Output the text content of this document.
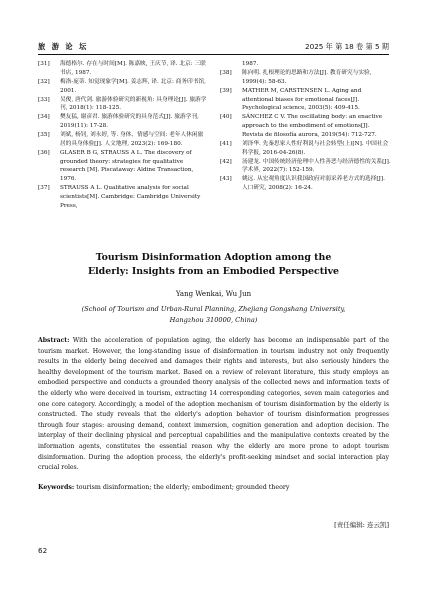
旅 游 论 坛	2025 年 第 18 卷 第 5 期
[31] 海德格尔. 存在与时间[M]. 陈嘉映, 王庆节, 译. 北京: 三联书店, 1987.
[32] 梅洛-庞蒂. 知觉现象学[M]. 姜志辉, 译. 北京: 商务印书馆, 2001.
[33] 吴俊, 唐代剑. 旅游体验研究的新视角: 具身理论[J]. 旅游学刊, 2018(1): 118-125.
[34] 樊友猛, 谢彦君. 旅游体验研究的具身范式[J]. 旅游学刊, 2019(11): 17-28.
[35] 刘斌, 杨钊, 刘永婷, 等. 身体、情感与空间: 老年人休闲旅居的具身体验[J]. 人文地理, 2023(2): 169-180.
[36] GLASER B G, STRAUSS A L. The discovery of grounded theory: strategies for qualitative research [M]. Piscataway: Aldine Transaction, 1976.
[37] STRAUSS A L. Qualitative analysis for social scientists[M]. Cambridge: Cambridge University Press,
1987.
[38] 陈向明. 扎根理论的思路和方法[J]. 教育研究与实验, 1999(4): 58-63.
[39] MATHER M, CARSTENSEN L. Aging and attentional biases for emotional faces[J]. Psychological science, 2003(5): 409-415.
[40] SÁNCHEZ C V. The oscillating body: an enactive approach to the embodiment of emotions[J]. Revista de filosofía aurora, 2019(54): 712-727.
[41] 刘泽华. 先秦思家人性好利说与社会转型(上)[N]. 中国社会科学报, 2016-04-26(8).
[42] 汤建龙. 中国传统经济伦理中人性善恶与经济德性的关系[J]. 学术界, 2022(7): 152-159.
[43] 姚远. 从宏观角度认识我国政府对弱采养老方式的选择[J]. 人口研究, 2008(2): 16-24.
Tourism Disinformation Adoption among the
Elderly: Insights from an Embodied Perspective
Yang Wenkai, Wu Jun
(School of Tourism and Urban-Rural Planning, Zhejiang Gongshang University,
Hangzhou 310000, China)
Abstract: With the acceleration of population aging, the elderly has become an indispensable part of the tourism market. However, the long-standing issue of disinformation in tourism industry not only frequently results in the elderly being deceived and damages their rights and interests, but also seriously hinders the healthy development of the tourism market. Based on a review of relevant literature, this study employs an embodied perspective and conducts a grounded theory analysis of the collected news and information texts of the elderly who were deceived in tourism, extracting 14 corresponding categories, seven main categories and one core category. Accordingly, a model of the adoption mechanism of tourism disinformation by the elderly is constructed. The study reveals that the elderly's adoption behavior of tourism disinformation progresses through four stages: arousing demand, context immersion, cognition generation and adoption decision. The interplay of their declining physical and perceptual capabilities and the manipulative contexts created by the information agents, constitutes the essential reason why the elderly are more prone to adopt tourism disinformation. During the adoption process, the elderly's profit-seeking mindset and social interaction play crucial roles.
Keywords: tourism disinformation; the elderly; embodiment; grounded theory
[责任编辑: 连云凯]
62
